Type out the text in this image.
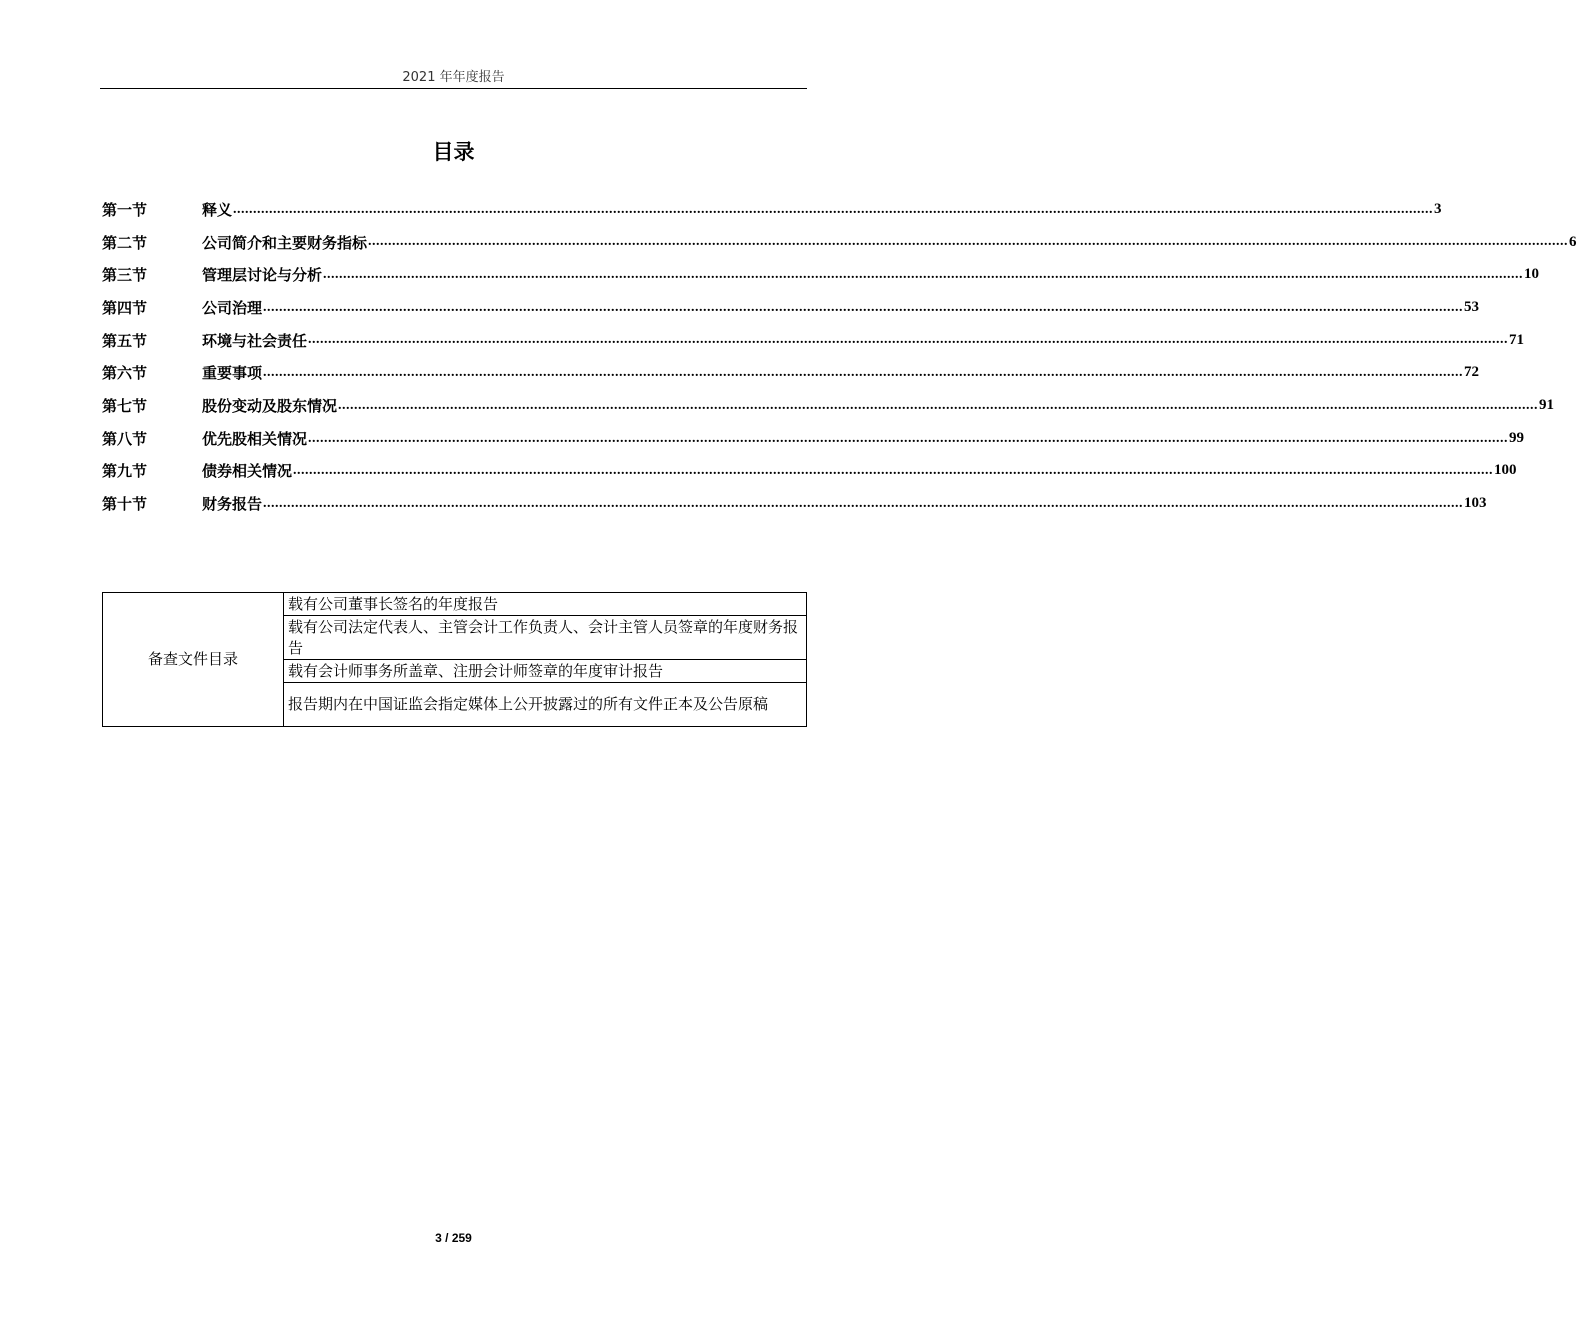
2021 年年度报告
目录
第一节	释义 ............................................................................................................................................................................................................................................................................................................ 3
第二节	公司简介和主要财务指标 ............................................................................................................................................................................................................................................................................................................ 6
第三节	管理层讨论与分析 ............................................................................................................................................................................................................................................................................................................ 10
第四节	公司治理 ............................................................................................................................................................................................................................................................................................................ 53
第五节	环境与社会责任 ............................................................................................................................................................................................................................................................................................................ 71
第六节	重要事项 ............................................................................................................................................................................................................................................................................................................ 72
第七节	股份变动及股东情况 ............................................................................................................................................................................................................................................................................................................ 91
第八节	优先股相关情况 ............................................................................................................................................................................................................................................................................................................ 99
第九节	债券相关情况 ............................................................................................................................................................................................................................................................................................................ 100
第十节	财务报告 ............................................................................................................................................................................................................................................................................................................ 103
备查文件目录	载有公司董事长签名的年度报告
载有公司法定代表人、主管会计工作负责人、会计主管人员签章的年度财务报告
载有会计师事务所盖章、注册会计师签章的年度审计报告
报告期内在中国证监会指定媒体上公开披露过的所有文件正本及公告原稿
3 / 259
